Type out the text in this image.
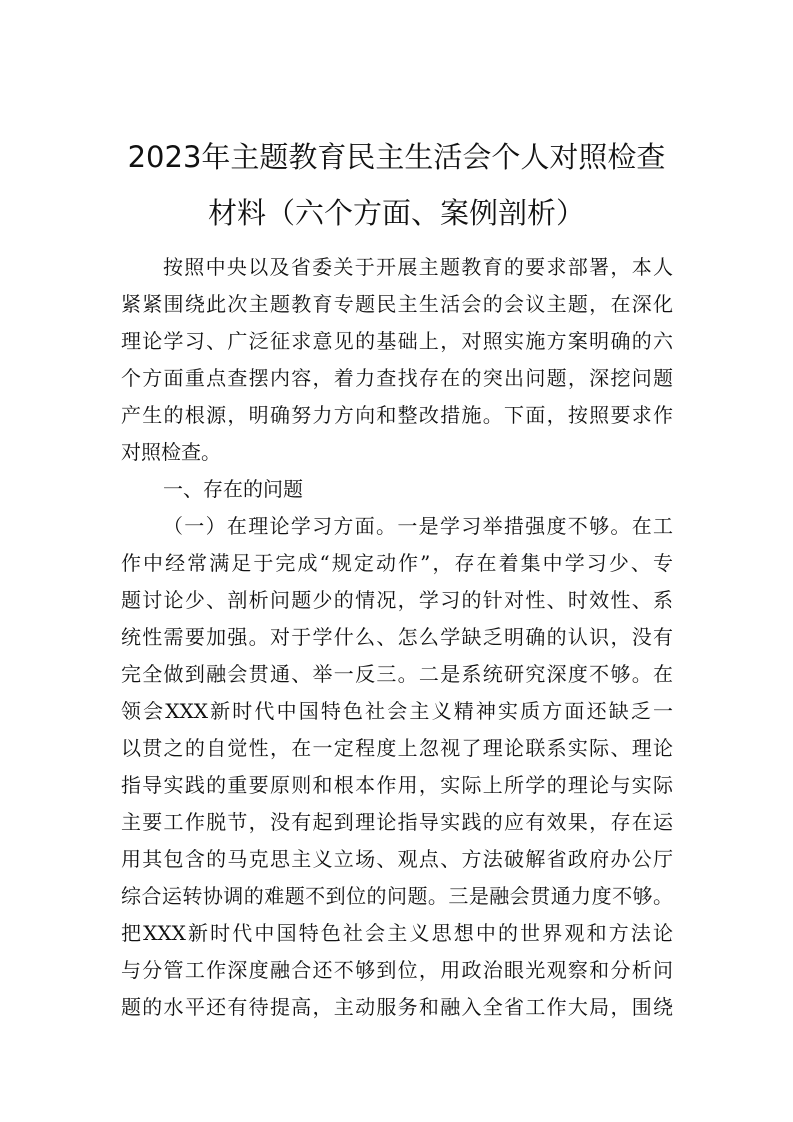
2023年主题教育民主生活会个人对照检查
材料（六个方面、案例剖析）
按照中央以及省委关于开展主题教育的要求部署，本人
紧紧围绕此次主题教育专题民主生活会的会议主题，在深化
理论学习、广泛征求意见的基础上，对照实施方案明确的六
个方面重点查摆内容，着力查找存在的突出问题，深挖问题
产生的根源，明确努力方向和整改措施。下面，按照要求作
对照检查。
一、存在的问题
（一）在理论学习方面。一是学习举措强度不够。在工
作中经常满足于完成“规定动作”，存在着集中学习少、专
题讨论少、剖析问题少的情况，学习的针对性、时效性、系
统性需要加强。对于学什么、怎么学缺乏明确的认识，没有
完全做到融会贯通、举一反三。二是系统研究深度不够。在
领会XXX新时代中国特色社会主义精神实质方面还缺乏一
以贯之的自觉性，在一定程度上忽视了理论联系实际、理论
指导实践的重要原则和根本作用，实际上所学的理论与实际
主要工作脱节，没有起到理论指导实践的应有效果，存在运
用其包含的马克思主义立场、观点、方法破解省政府办公厅
综合运转协调的难题不到位的问题。三是融会贯通力度不够。
把XXX新时代中国特色社会主义思想中的世界观和方法论
与分管工作深度融合还不够到位，用政治眼光观察和分析问
题的水平还有待提高，主动服务和融入全省工作大局，围绕
